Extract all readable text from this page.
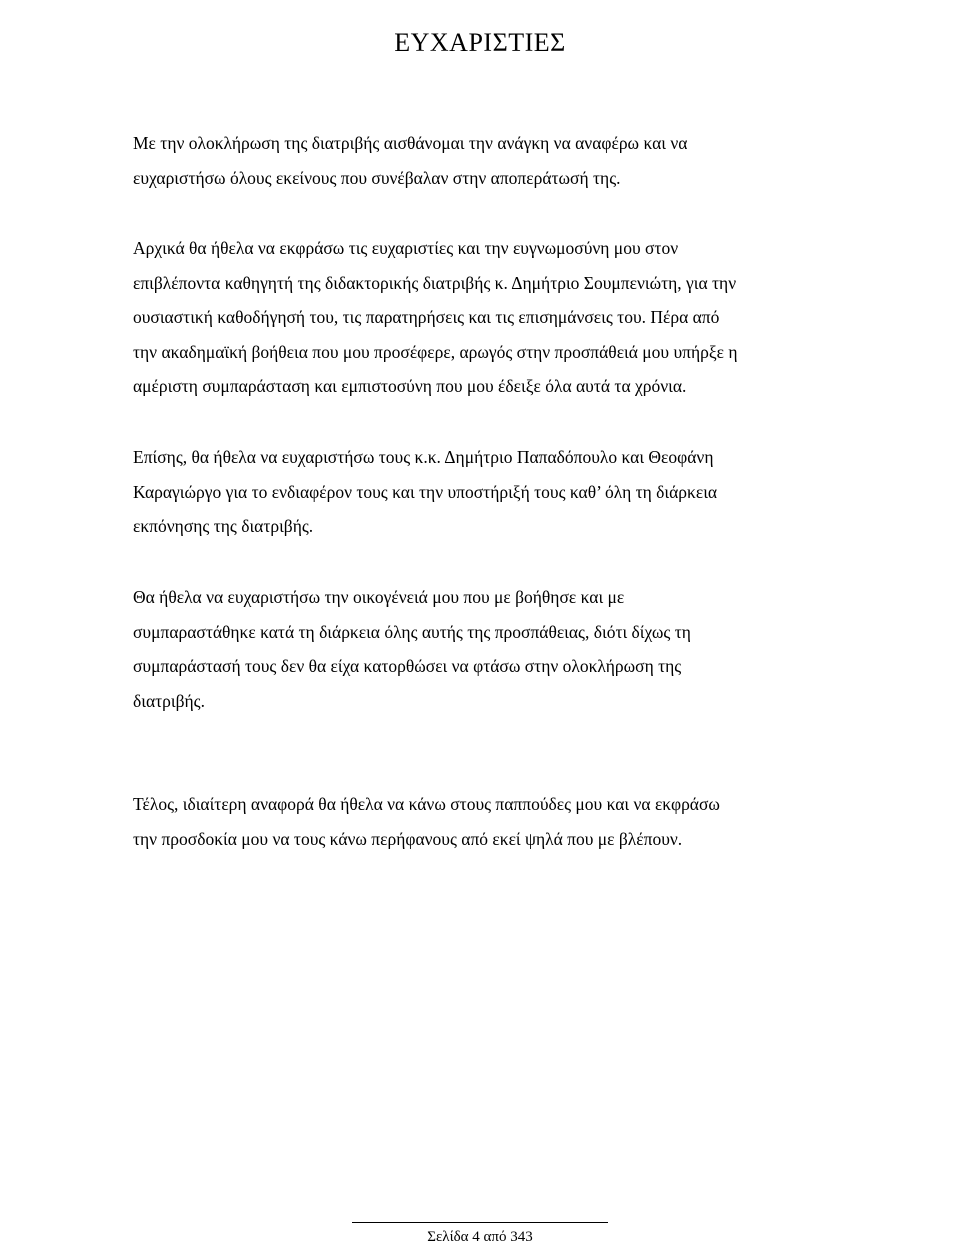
ΕΥΧΑΡΙΣΤΙΕΣ

Με την ολοκλήρωση της διατριβής αισθάνομαι την ανάγκη να αναφέρω και να
ευχαριστήσω όλους εκείνους που συνέβαλαν στην αποπεράτωσή της.

Αρχικά θα ήθελα να εκφράσω τις ευχαριστίες και την ευγνωμοσύνη μου στον
επιβλέποντα καθηγητή της διδακτορικής διατριβής κ. Δημήτριο Σουμπενιώτη, για την
ουσιαστική καθοδήγησή του, τις παρατηρήσεις και τις επισημάνσεις του. Πέρα από
την ακαδημαϊκή βοήθεια που μου προσέφερε, αρωγός στην προσπάθειά μου υπήρξε η
αμέριστη συμπαράσταση και εμπιστοσύνη που μου έδειξε όλα αυτά τα χρόνια.

Επίσης, θα ήθελα να ευχαριστήσω τους κ.κ. Δημήτριο Παπαδόπουλο και Θεοφάνη
Καραγιώργο για το ενδιαφέρον τους και την υποστήριξή τους καθ’ όλη τη διάρκεια
εκπόνησης της διατριβής.

Θα ήθελα να ευχαριστήσω την οικογένειά μου που με βοήθησε και με
συμπαραστάθηκε κατά τη διάρκεια όλης αυτής της προσπάθειας, διότι δίχως τη
συμπαράστασή τους δεν θα είχα κατορθώσει να φτάσω στην ολοκλήρωση της
διατριβής.

Τέλος, ιδιαίτερη αναφορά θα ήθελα να κάνω στους παππούδες μου και να εκφράσω
την προσδοκία μου να τους κάνω περήφανους από εκεί ψηλά που με βλέπουν.

Σελίδα 4 από 343
